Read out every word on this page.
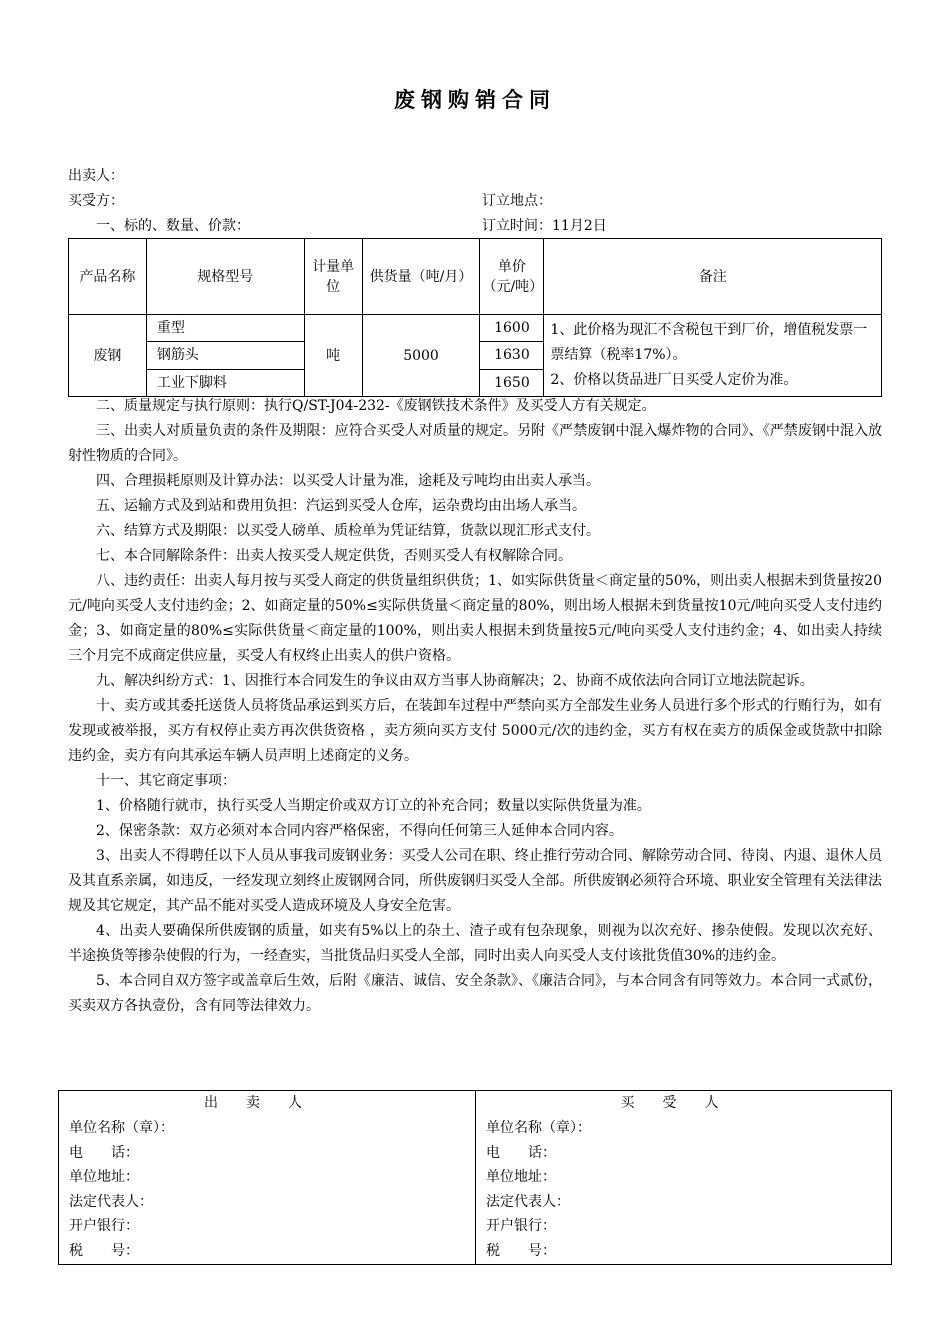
废钢购销合同
出卖人：
买受方：	订立地点：
一、标的、数量、价款：	订立时间：11月2日
产品名称	规格型号	计量单位	供货量（吨/月）	单价（元/吨）	备注
废钢	重型	吨	5000	1600	1、此价格为现汇不含税包干到厂价，增值税发票一票结算（税率17%）。
2、价格以货品进厂日买受人定价为准。
	钢筋头			1630	
	工业下脚料			1650	

二、质量规定与执行原则：执行Q/ST-J04-232-《废钢铁技术条件》及买受人方有关规定。

三、出卖人对质量负责的条件及期限：应符合买受人对质量的规定。另附《严禁废钢中混入爆炸物的合同》、《严禁废钢中混入放射性物质的合同》。

四、合理损耗原则及计算办法：以买受人计量为准，途耗及亏吨均由出卖人承当。

五、运输方式及到站和费用负担：汽运到买受人仓库，运杂费均由出场人承当。

六、结算方式及期限：以买受人磅单、质检单为凭证结算，货款以现汇形式支付。

七、本合同解除条件：出卖人按买受人规定供货，否则买受人有权解除合同。

八、违约责任：出卖人每月按与买受人商定的供货量组织供货；1、如实际供货量＜商定量的50%，则出卖人根据未到货量按20元/吨向买受人支付违约金；2、如商定量的50%≤实际供货量＜商定量的80%，则出场人根据未到货量按10元/吨向买受人支付违约金；3、如商定量的80%≤实际供货量＜商定量的100%，则出卖人根据未到货量按5元/吨向买受人支付违约金；4、如出卖人持续三个月完不成商定供应量，买受人有权终止出卖人的供户资格。

九、解决纠纷方式：1、因推行本合同发生的争议由双方当事人协商解决；2、协商不成依法向合同订立地法院起诉。

十、卖方或其委托送货人员将货品承运到买方后，在装卸车过程中严禁向买方全部发生业务人员进行多个形式的行贿行为，如有发现或被举报，买方有权停止卖方再次供货资格 ，卖方须向买方支付 5000元/次的违约金，买方有权在卖方的质保金或货款中扣除违约金，卖方有向其承运车辆人员声明上述商定的义务。

十一、其它商定事项：

1、价格随行就市，执行买受人当期定价或双方订立的补充合同；数量以实际供货量为准。

2、保密条款：双方必须对本合同内容严格保密，不得向任何第三人延伸本合同内容。

3、出卖人不得聘任以下人员从事我司废钢业务：买受人公司在职、终止推行劳动合同、解除劳动合同、待岗、内退、退休人员及其直系亲属，如违反，一经发现立刻终止废钢网合同，所供废钢归买受人全部。所供废钢必须符合环境、职业安全管理有关法律法规及其它规定，其产品不能对买受人造成环境及人身安全危害。

4、出卖人要确保所供废钢的质量，如夹有5%以上的杂土、渣子或有包杂现象，则视为以次充好、掺杂使假。发现以次充好、半途换货等掺杂使假的行为，一经查实，当批货品归买受人全部，同时出卖人向买受人支付该批货值30%的违约金。

5、本合同自双方签字或盖章后生效，后附《廉洁、诚信、安全条款》、《廉洁合同》，与本合同含有同等效力。本合同一式贰份，买卖双方各执壹份，含有同等法律效力。

出卖人
单位名称（章）：
电　　话：
单位地址：
法定代表人：
开户银行：
税　　号：
买受人
单位名称（章）：
电　　话：
单位地址：
法定代表人：
开户银行：
税　　号：
